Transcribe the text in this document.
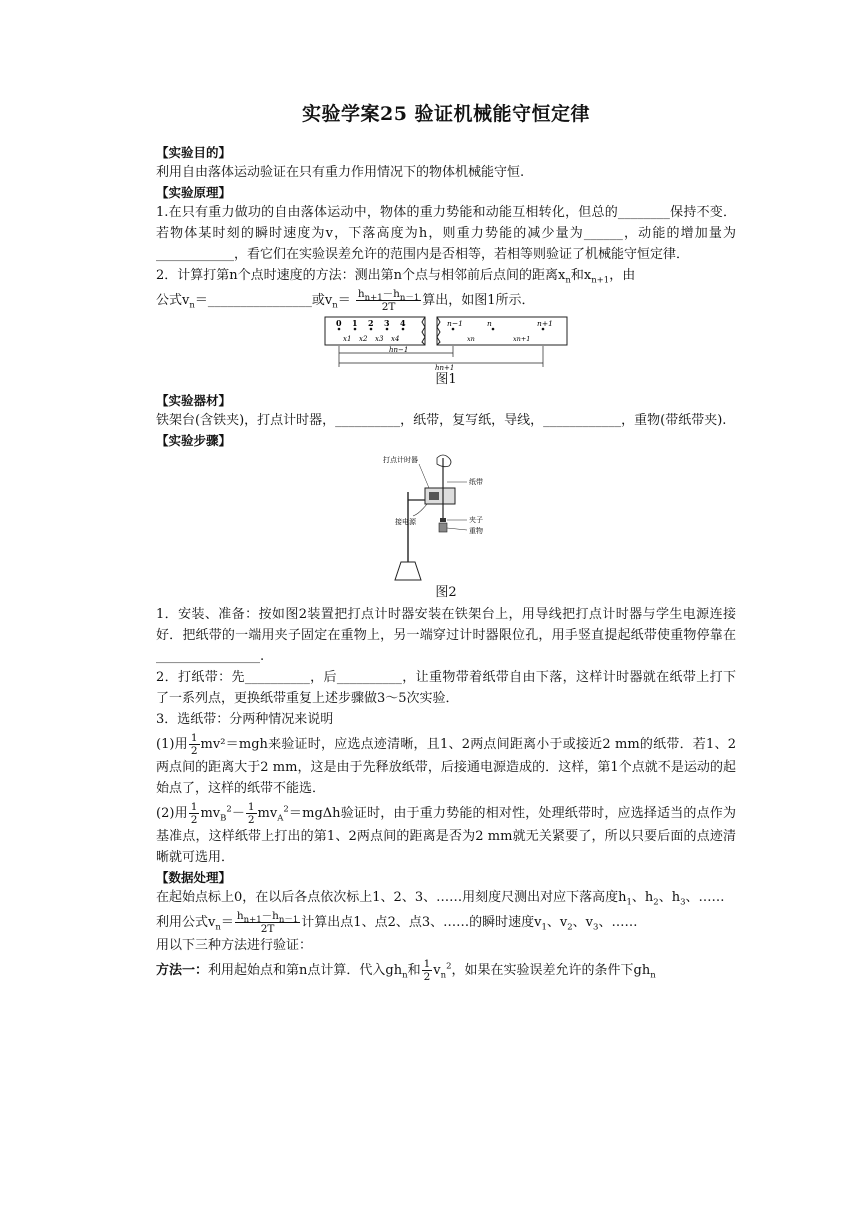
实验学案25 验证机械能守恒定律
【实验目的】

利用自由落体运动验证在只有重力作用情况下的物体机械能守恒.

【实验原理】

1.在只有重力做功的自由落体运动中，物体的重力势能和动能互相转化，但总的________保持不变．若物体某时刻的瞬时速度为v，下落高度为h，则重力势能的减少量为______，动能的增加量为____________，看它们在实验误差允许的范围内是否相等，若相等则验证了机械能守恒定律．

2．计算打第n个点时速度的方法：测出第n个点与相邻前后点间的距离$x_n$和$x_{n+1}$，由

公式$v_n=\_\_\_\_\_\_\_\_\_\_\_\_\_\_\_\_$或$v_n= \frac{h_{n+1}-h_{n-1}}{2T}$ 算出，如图1所示．

0 1 2 3 4
x1 x2 x3 x4
n−1	n	n+1
xn	xn+1
hn−1
hn+1
图1
【实验器材】

铁架台(含铁夹)，打点计时器，__________，纸带，复写纸，导线，____________，重物(带纸带夹).

【实验步骤】
打点计时器
纸带
夹子
接电源
重物
图2

1．安装、准备：按如图2装置把打点计时器安装在铁架台上，用导线把打点计时器与学生电源连接好．把纸带的一端用夹子固定在重物上，另一端穿过计时器限位孔，用手竖直提起纸带使重物停靠在________________.

2．打纸带：先__________，后__________，让重物带着纸带自由下落，这样计时器就在纸带上打下了一系列点，更换纸带重复上述步骤做3～5次实验．

3．选纸带：分两种情况来说明

(1)用 $\frac{1}{2} mv^2=mgh$来验证时，应选点迹清晰，且1、2两点间距离小于或接近2 mm的纸带．若1、2两点间的距离大于2 mm，这是由于先释放纸带，后接通电源造成的．这样，第1个点就不是运动的起始点了，这样的纸带不能选．

(2)用 $\frac{1}{2} mv_B^2- \frac{1}{2} mv_A^2=mg\Delta h$验证时，由于重力势能的相对性，处理纸带时，应选择适当的点作为基准点，这样纸带上打出的第1、2两点间的距离是否为2 mm就无关紧要了，所以只要后面的点迹清晰就可选用．

【数据处理】

在起始点标上0，在以后各点依次标上1、2、3、……用刻度尺测出对应下落高度$h_1$、$h_2$、$h_3$、……

利用公式$v_n= \frac{h_{n+1}-h_{n-1}}{2T}$ 计算出点1、点2、点3、……的瞬时速度$v_1$、$v_2$、$v_3$、……

用以下三种方法进行验证：

方法一：利用起始点和第n点计算．代入$gh_n$和 $\frac{1}{2} v_n^2$，如果在实验误差允许的条件下$gh_n$
